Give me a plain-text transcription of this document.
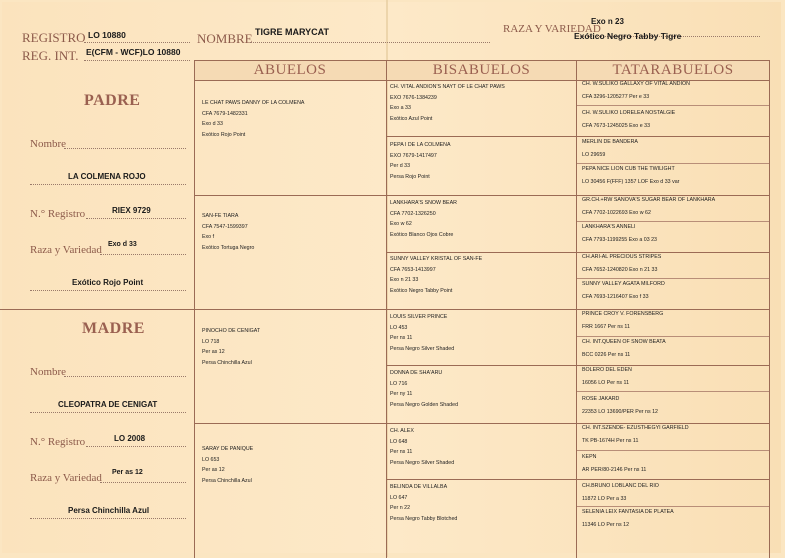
REGISTRO LO 10880
REG. INT. E(CFM - WCF)LO 10880
NOMBRE TIGRE MARYCAT	RAZA Y VARIEDAD
Exo n 23
Exótico Negro Tabby Tigre
ABUELOS	BISABUELOS	TATARABUELOS
PADRE
Nombre
LA COLMENA ROJO
N.° Registro	RIEX 9729
Raza y Variedad Exo d 33
Exótico Rojo Point
MADRE
Nombre
CLEOPATRA DE CENIGAT
N.° Registro	LO 2008
Raza y Variedad Per as 12
Persa Chinchilla Azul
LE CHAT PAWS DANNY OF LA COLMENA
CFA 7679-1482331
Exo d 33
Exótico Rojo Point
SAN-FE TIARA
CFA 7547-1599397
Exo f
Exótico Tortuga Negro
PINOCHO DE CENIGAT
LO 718
Per as 12
Persa Chinchilla Azul
SARAY DE PANIQUE
LO 653
Per as 12
Persa Chinchilla Azul
CH. VITAL ANDION'S NAYT OF LE CHAT PAWS
EXO 7676-1384239
Exo a 33
Exótico Azul Point
PEPA I DE LA COLMENA
EXO 7679-1417497
Per d 33
Persa Rojo Point
LANKHARA'S SNOW BEAR
CFA 7702-1326250
Exo w 62
Exótico Blanco Ojos Cobre
SUNNY VALLEY KRISTAL OF SAN-FE
CFA 7653-1413997
Exo n 21 33
Exótico Negro Tabby Point
LOUIS SILVER PRINCE
LO 453
Per ns 11
Persa Negro Silver Shaded
DONNA DE SHA'ARU
LO 716
Per ny 11
Persa Negro Golden Shaded
CH. ALEX
LO 648
Per ns 11
Persa Negro Silver Shaded
BELINDA DE VILLALBA
LO 647
Per n 22
Persa Negro Tabby Blotched
CH. W.SULIKO GALLAXY OF VITAL ANDION
CFA 3296-1205277 Per e 33
CH. W.SULIKO LORELEA NOSTALGIE
CFA 7673-1245025 Exo e 33
MERLIN DE BANDERA
LO 29659
PEPA NICE LION CUB THE TWILIGHT
LO 30456 F(FFF) 1357 LOF Exo d 33 var
GR.CH.+RW SANOVA'S SUGAR BEAR OF LANKHARA
CFA 7702-1022693 Exo w 62
LANKHARA'S ANNELI
CFA 7793-1199255 Exo a 03 23
CH.ARI-AL PRECIOUS STRIPES
CFA 7652-1240820 Exo n 21 33
SUNNY VALLEY AGATA MILFORD
CFA 7693-1216407 Exo f 33
PRINCE CROY V. FORENSBERG
FRR 1667 Per ns 11
CH. INT.QUEEN OF SNOW BEATA
BCC 0226 Per ns 11
BOLERO DEL EDEN
16056 LO Per ns 11
ROSE JAKARD
22353 LO 13690/PER Per ns 12
CH. INT.SZENDE- EZUSTHEGYI GARFIELD
TK PB-1674H Per ns 11
KEPN
AR PER/80-2146 Per ns 11
CH.BRUNO LOBLANC DEL RIO
11872 LO Per a 33
SELENIA LEIX FANTASIA DE PLATEA
11346 LO Per ns 12
